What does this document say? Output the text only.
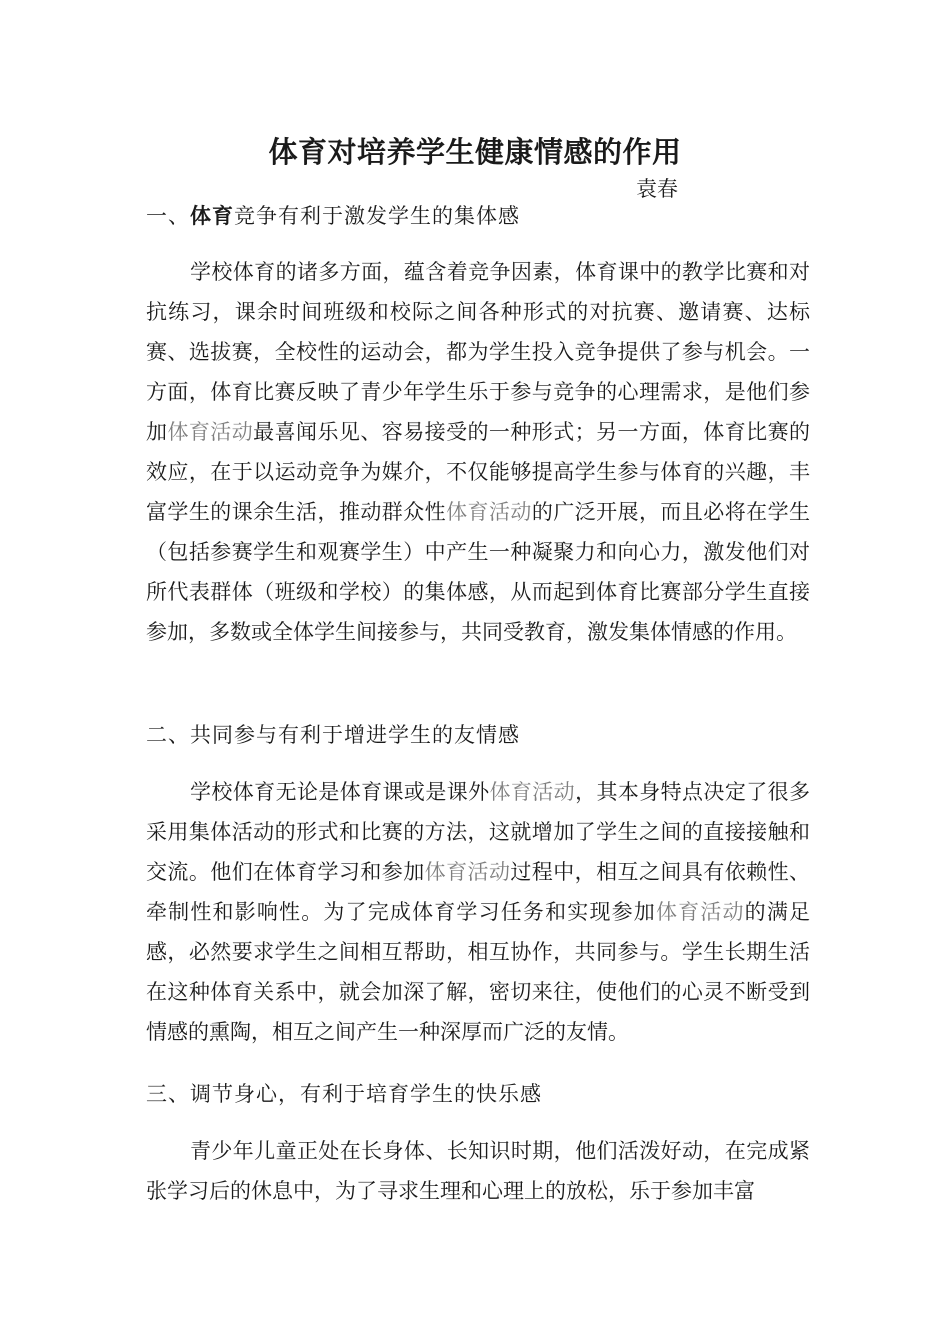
体育对培养学生健康情感的作用
袁春
一、体育竞争有利于激发学生的集体感

学校体育的诸多方面，蕴含着竞争因素，体育课中的教学比赛和对抗练习，课余时间班级和校际之间各种形式的对抗赛、邀请赛、达标赛、选拔赛，全校性的运动会，都为学生投入竞争提供了参与机会。一方面，体育比赛反映了青少年学生乐于参与竞争的心理需求，是他们参加体育活动最喜闻乐见、容易接受的一种形式；另一方面，体育比赛的效应，在于以运动竞争为媒介，不仅能够提高学生参与体育的兴趣，丰富学生的课余生活，推动群众性体育活动的广泛开展，而且必将在学生（包括参赛学生和观赛学生）中产生一种凝聚力和向心力，激发他们对所代表群体（班级和学校）的集体感，从而起到体育比赛部分学生直接参加，多数或全体学生间接参与，共同受教育，激发集体情感的作用。

二、共同参与有利于增进学生的友情感

学校体育无论是体育课或是课外体育活动，其本身特点决定了很多采用集体活动的形式和比赛的方法，这就增加了学生之间的直接接触和交流。他们在体育学习和参加体育活动过程中，相互之间具有依赖性、牵制性和影响性。为了完成体育学习任务和实现参加体育活动的满足感，必然要求学生之间相互帮助，相互协作，共同参与。学生长期生活在这种体育关系中，就会加深了解，密切来往，使他们的心灵不断受到情感的熏陶，相互之间产生一种深厚而广泛的友情。

三、调节身心，有利于培育学生的快乐感

青少年儿童正处在长身体、长知识时期，他们活泼好动，在完成紧张学习后的休息中，为了寻求生理和心理上的放松，乐于参加丰富
